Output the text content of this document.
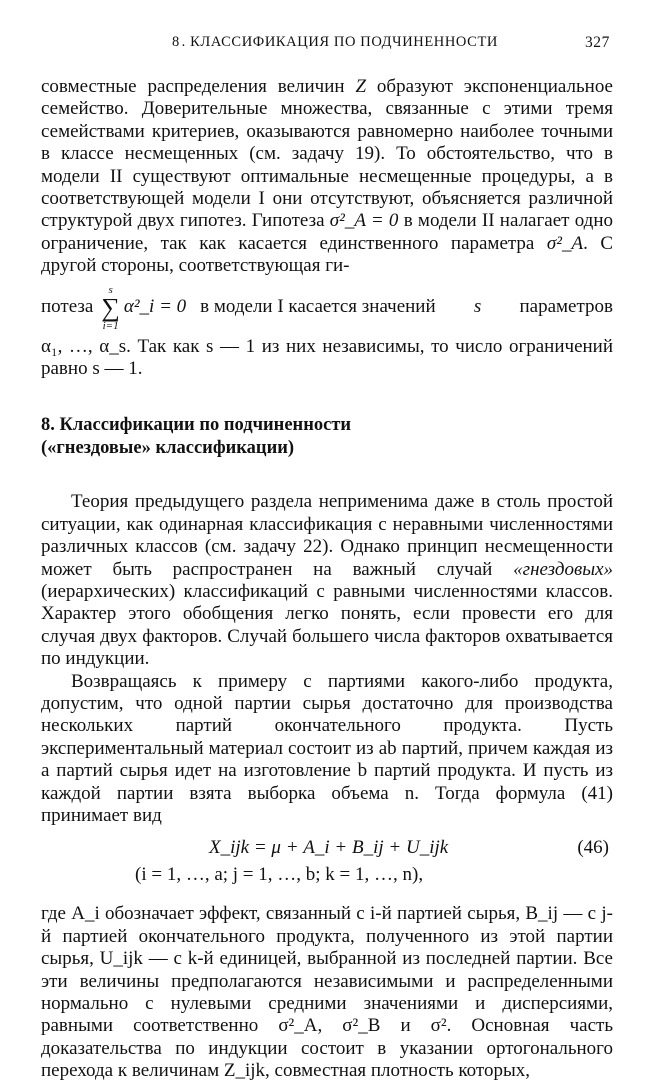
8 . КЛАССИФИКАЦИЯ ПО ПОДЧИНЕННОСТИ	327

совместные распределения величин Z образуют экспоненциальное семейство. Доверительные множества, связанные с этими тремя семействами критериев, оказываются равномерно наиболее точными в классе несмещенных (см. задачу 19). То обстоятельство, что в модели II существуют оптимальные несмещенные процедуры, а в соответствующей модели I они отсутствуют, объясняется различной структурой двух гипотез. Гипотеза σ²_A = 0 в модели II налагает одно ограничение, так как касается единственного параметра σ²_A. С другой стороны, соответствующая ги-

потеза
s
∑
i=1
α²_i = 0 в модели I касается значений s параметров

α₁, …, α_s. Так как s — 1 из них независимы, то число ограничений равно s — 1.

8. Классификации по подчиненности
(«гнездовые» классификации)

Теория предыдущего раздела неприменима даже в столь простой ситуации, как одинарная классификация с неравными численностями различных классов (см. задачу 22). Однако принцип несмещенности может быть распространен на важный случай «гнездовых» (иерархических) классификаций с равными численностями классов. Характер этого обобщения легко понять, если провести его для случая двух факторов. Случай большего числа факторов охватывается по индукции.

Возвращаясь к примеру с партиями какого-либо продукта, допустим, что одной партии сырья достаточно для производства нескольких партий окончательного продукта. Пусть экспериментальный материал состоит из ab партий, причем каждая из a партий сырья идет на изготовление b партий продукта. И пусть из каждой партии взята выборка объема n. Тогда формула (41) принимает вид

X_ijk = μ + A_i + B_ij + U_ijk	(46)
(i = 1, …, a; j = 1, …, b; k = 1, …, n),

где A_i обозначает эффект, связанный с i-й партией сырья, B_ij — с j-й партией окончательного продукта, полученного из этой партии сырья, U_ijk — с k-й единицей, выбранной из последней партии. Все эти величины предполагаются независимыми и распределенными нормально с нулевыми средними значениями и дисперсиями, равными соответственно σ²_A, σ²_B и σ². Основная часть доказательства по индукции состоит в указании ортогонального перехода к величинам Z_ijk, совместная плотность которых,
